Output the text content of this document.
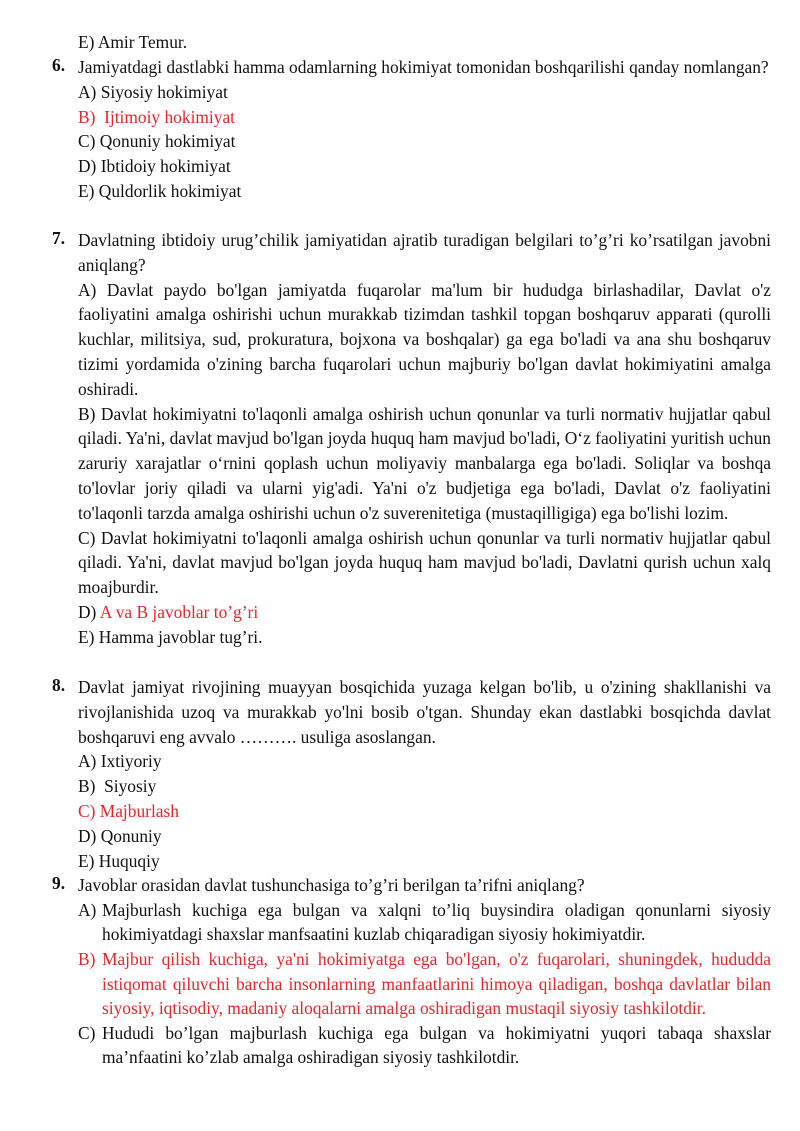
E) Amir Temur.
6. Jamiyatdagi dastlabki hamma odamlarning hokimiyat tomonidan boshqarilishi qanday nomlangan?
A) Siyosiy hokimiyat
B) Ijtimoiy hokimiyat
C) Qonuniy hokimiyat
D) Ibtidoiy hokimiyat
E) Quldorlik hokimiyat
7. Davlatning ibtidoiy urug’chilik jamiyatidan ajratib turadigan belgilari to’g’ri ko’rsatilgan javobni aniqlang?
A) Davlat paydo bo'lgan jamiyatda fuqarolar ma'lum bir hududga birlashadilar, Davlat o'z faoliyatini amalga oshirishi uchun murakkab tizimdan tashkil topgan boshqaruv apparati (qurolli kuchlar, militsiya, sud, prokuratura, bojxona va boshqalar) ga ega bo'ladi va ana shu boshqaruv tizimi yordamida o'zining barcha fuqarolari uchun majburiy bo'lgan davlat hokimiyatini amalga oshiradi.
B) Davlat hokimiyatni to'laqonli amalga oshirish uchun qonunlar va turli normativ hujjatlar qabul qiladi. Ya'ni, davlat mavjud bo'lgan joyda huquq ham mavjud bo'ladi, O‘z faoliyatini yuritish uchun zaruriy xarajatlar o‘rnini qoplash uchun moliyaviy manbalarga ega bo'ladi. Soliqlar va boshqa to'lovlar joriy qiladi va ularni yig'adi. Ya'ni o'z budjetiga ega bo'ladi, Davlat o'z faoliyatini to'laqonli tarzda amalga oshirishi uchun o'z suverenitetiga (mustaqilligiga) ega bo'lishi lozim.
C) Davlat hokimiyatni to'laqonli amalga oshirish uchun qonunlar va turli normativ hujjatlar qabul qiladi. Ya'ni, davlat mavjud bo'lgan joyda huquq ham mavjud bo'ladi, Davlatni qurish uchun xalq moajburdir.
D) A va B javoblar to’g’ri
E) Hamma javoblar tug’ri.
8. Davlat jamiyat rivojining muayyan bosqichida yuzaga kelgan bo'lib, u o'zining shakllanishi va rivojlanishida uzoq va murakkab yo'lni bosib o'tgan. Shunday ekan dastlabki bosqichda davlat boshqaruvi eng avvalo ………. usuliga asoslangan.
A) Ixtiyoriy
B) Siyosiy
C) Majburlash
D) Qonuniy
E) Huquqiy
9. Javoblar orasidan davlat tushunchasiga to’g’ri berilgan ta’rifni aniqlang?
A) Majburlash kuchiga ega bulgan va xalqni to’liq buysindira oladigan qonunlarni siyosiy hokimiyatdagi shaxslar manfsaatini kuzlab chiqaradigan siyosiy hokimiyatdir.
B) Majbur qilish kuchiga, ya'ni hokimiyatga ega bo'lgan, o'z fuqarolari, shuningdek, hududda istiqomat qiluvchi barcha insonlarning manfaatlarini himoya qiladigan, boshqa davlatlar bilan siyosiy, iqtisodiy, madaniy aloqalarni amalga oshiradigan mustaqil siyosiy tashkilotdir.
C) Hududi bo’lgan majburlash kuchiga ega bulgan va hokimiyatni yuqori tabaqa shaxslar ma’nfaatini ko’zlab amalga oshiradigan siyosiy tashkilotdir.
